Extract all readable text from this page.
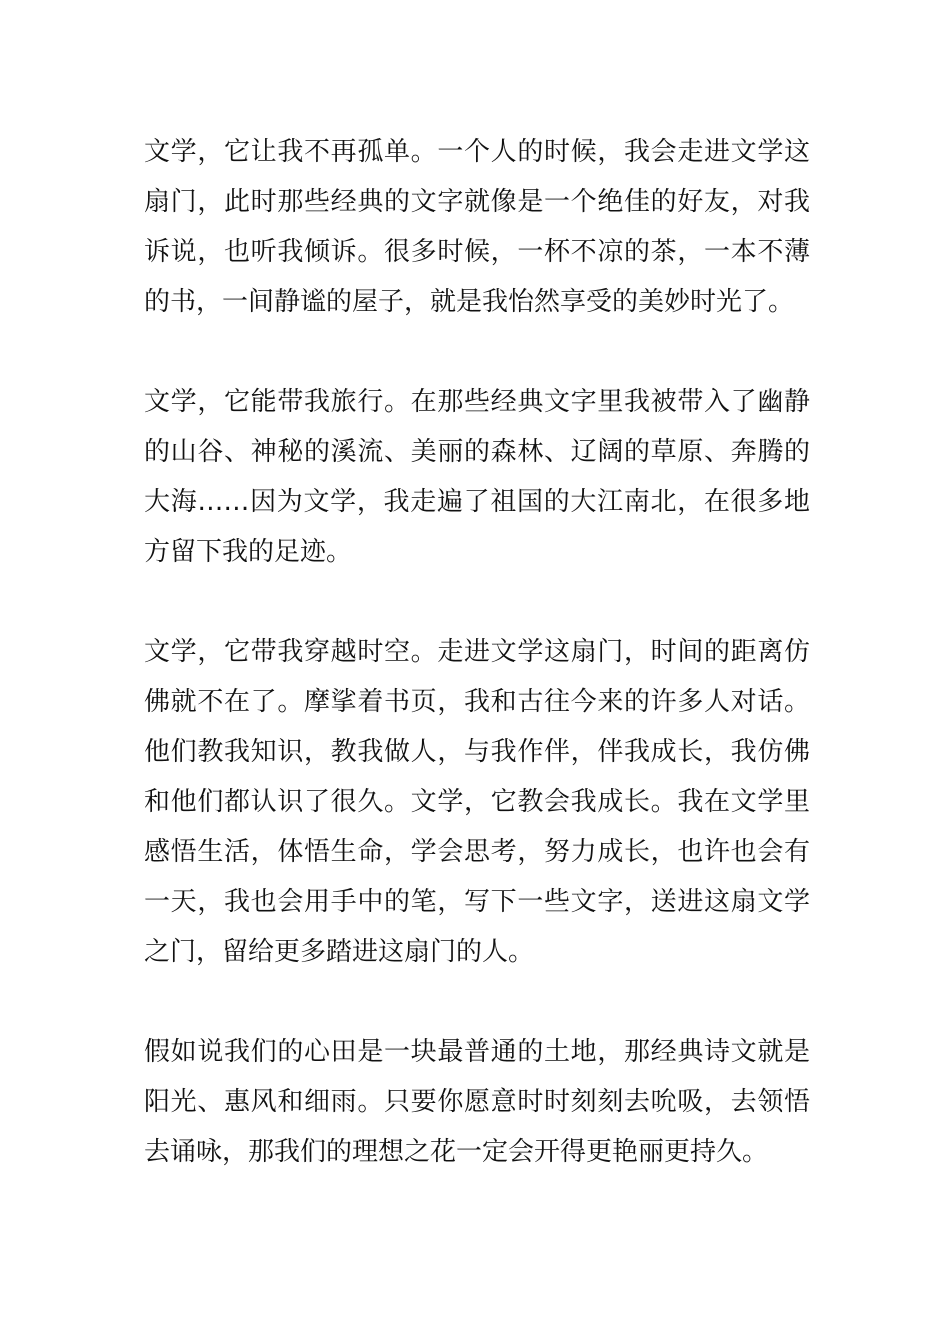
文学，它让我不再孤单。一个人的时候，我会走进文学这扇门，此时那些经典的文字就像是一个绝佳的好友，对我诉说，也听我倾诉。很多时候，一杯不凉的茶，一本不薄的书，一间静谧的屋子，就是我怡然享受的美妙时光了。

文学，它能带我旅行。在那些经典文字里我被带入了幽静的山谷、神秘的溪流、美丽的森林、辽阔的草原、奔腾的大海……因为文学，我走遍了祖国的大江南北，在很多地方留下我的足迹。

文学，它带我穿越时空。走进文学这扇门，时间的距离仿佛就不在了。摩挲着书页，我和古往今来的许多人对话。他们教我知识，教我做人，与我作伴，伴我成长，我仿佛和他们都认识了很久。文学，它教会我成长。我在文学里感悟生活，体悟生命，学会思考，努力成长，也许也会有一天，我也会用手中的笔，写下一些文字，送进这扇文学之门，留给更多踏进这扇门的人。

假如说我们的心田是一块最普通的土地，那经典诗文就是阳光、惠风和细雨。只要你愿意时时刻刻去吮吸，去领悟去诵咏，那我们的理想之花一定会开得更艳丽更持久。
